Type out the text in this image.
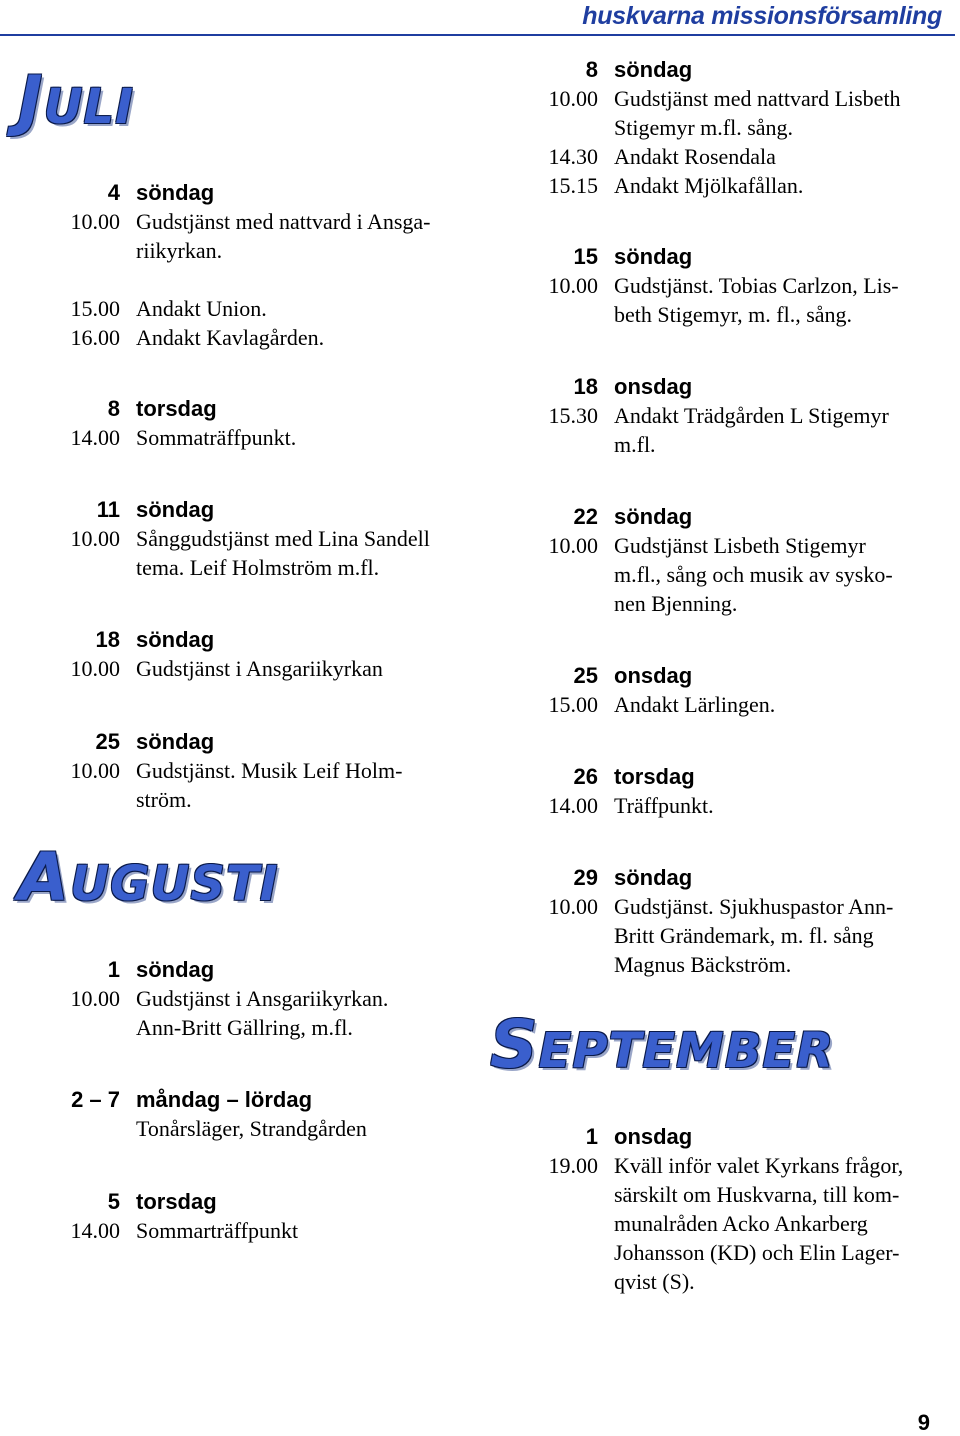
huskvarna missionsförsamling
JULI
AUGUSTI
SEPTEMBER
4 söndag
10.00 Gudstjänst med nattvard i Ansga-
riikyrkan.
15.00 Andakt Union.
16.00 Andakt Kavlagården.
8 torsdag
14.00 Sommaträffpunkt.
11 söndag
10.00 Sånggudstjänst med Lina Sandell
tema. Leif Holmström m.fl.
18 söndag
10.00 Gudstjänst i Ansgariikyrkan
25 söndag
10.00 Gudstjänst. Musik Leif Holm-
ström.
1 söndag
10.00 Gudstjänst i Ansgariikyrkan.
Ann-Britt Gällring, m.fl.
2 – 7 måndag – lördag
Tonårsläger, Strandgården
5 torsdag
14.00 Sommarträffpunkt
8 söndag
10.00 Gudstjänst med nattvard Lisbeth
Stigemyr m.fl. sång.
14.30 Andakt Rosendala
15.15 Andakt Mjölkafållan.
15 söndag
10.00 Gudstjänst. Tobias Carlzon, Lis-
beth Stigemyr, m. fl., sång.
18 onsdag
15.30 Andakt Trädgården L Stigemyr
m.fl.
22 söndag
10.00 Gudstjänst Lisbeth Stigemyr
m.fl., sång och musik av sysko-
nen Bjenning.
25 onsdag
15.00 Andakt Lärlingen.
26 torsdag
14.00 Träffpunkt.
29 söndag
10.00 Gudstjänst. Sjukhuspastor Ann-
Britt Grändemark, m. fl. sång
Magnus Bäckström.
1 onsdag
19.00 Kväll inför valet Kyrkans frågor,
särskilt om Huskvarna, till kom-
munalråden Acko Ankarberg
Johansson (KD) och Elin Lager-
qvist (S).
9
